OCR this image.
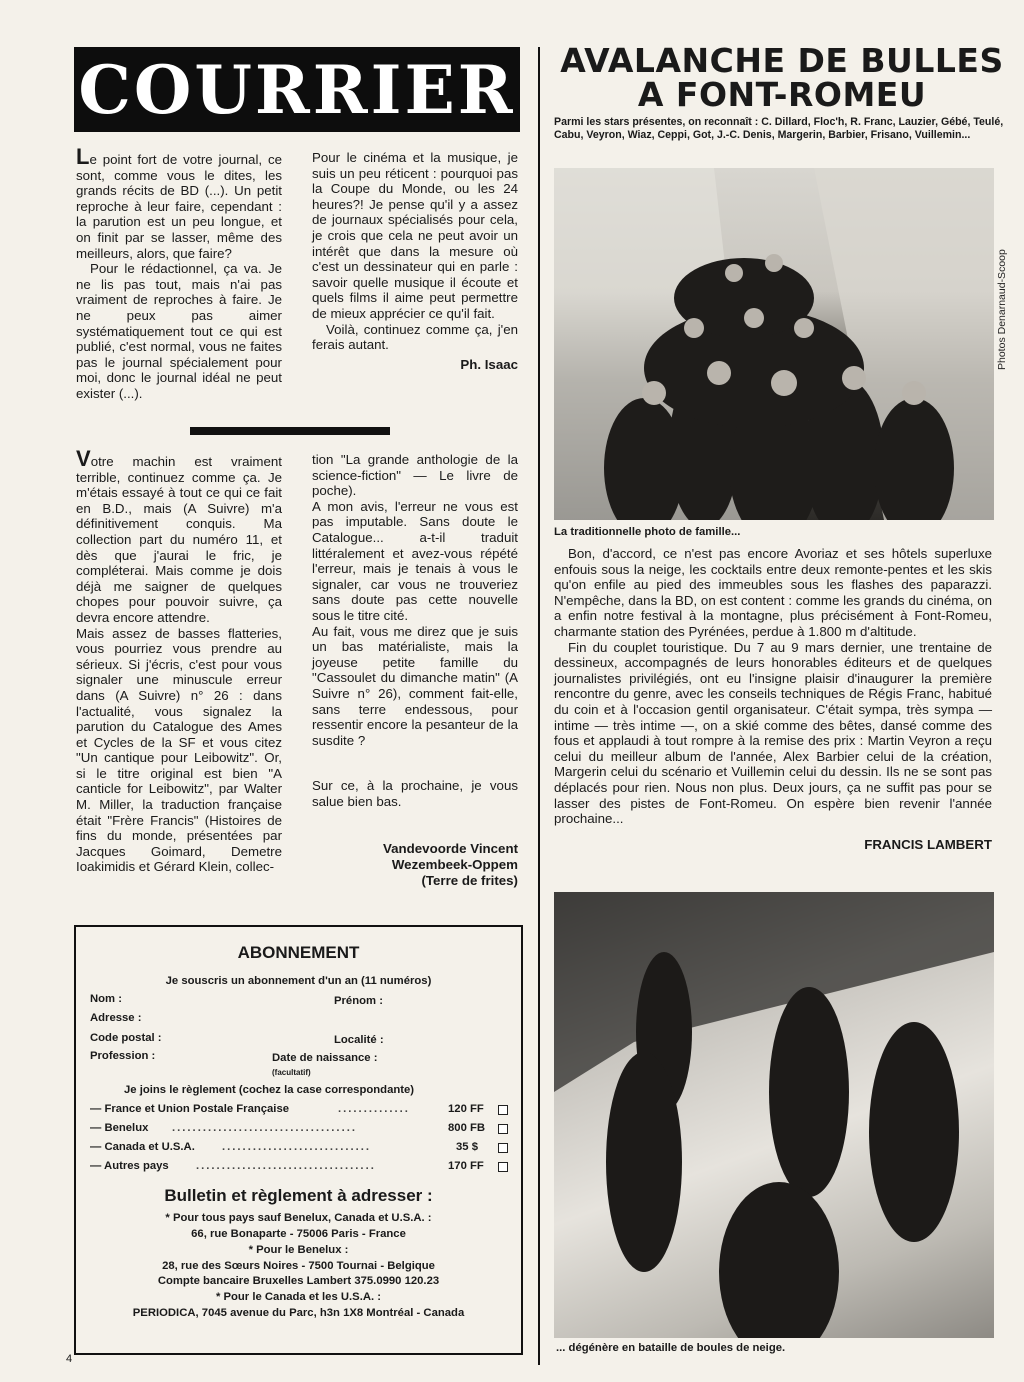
COURRIER

Le point fort de votre journal, ce sont, comme vous le dites, les grands récits de BD (...). Un petit reproche à leur faire, cependant : la parution est un peu longue, et on finit par se lasser, même des meilleurs, alors, que faire?

Pour le rédactionnel, ça va. Je ne lis pas tout, mais n'ai pas vraiment de reproches à faire. Je ne peux pas aimer systématiquement tout ce qui est publié, c'est normal, vous ne faites pas le journal spécialement pour moi, donc le journal idéal ne peut exister (...).

Pour le cinéma et la musique, je suis un peu réticent : pourquoi pas la Coupe du Monde, ou les 24 heures?! Je pense qu'il y a assez de journaux spécialisés pour cela, je crois que cela ne peut avoir un intérêt que dans la mesure où c'est un dessinateur qui en parle : savoir quelle musique il écoute et quels films il aime peut permettre de mieux apprécier ce qu'il fait.

Voilà, continuez comme ça, j'en ferais autant.

Ph. Isaac

Votre machin est vraiment terrible, continuez comme ça. Je m'étais essayé à tout ce qui ce fait en B.D., mais (A Suivre) m'a définitivement conquis. Ma collection part du numéro 11, et dès que j'aurai le fric, je compléterai. Mais comme je dois déjà me saigner de quelques chopes pour pouvoir suivre, ça devra encore attendre.

Mais assez de basses flatteries, vous pourriez vous prendre au sérieux. Si j'écris, c'est pour vous signaler une minuscule erreur dans (A Suivre) n° 26 : dans l'actualité, vous signalez la parution du Catalogue des Ames et Cycles de la SF et vous citez "Un cantique pour Leibowitz". Or, si le titre original est bien "A canticle for Leibowitz", par Walter M. Miller, la traduction française était "Frère Francis" (Histoires de fins du monde, présentées par Jacques Goimard, Demetre Ioakimidis et Gérard Klein, collec-

tion "La grande anthologie de la science-fiction" — Le livre de poche).

A mon avis, l'erreur ne vous est pas imputable. Sans doute le Catalogue... a-t-il traduit littéralement et avez-vous répété l'erreur, mais je tenais à vous le signaler, car vous ne trouveriez sans doute pas cette nouvelle sous le titre cité.

Au fait, vous me direz que je suis un bas matérialiste, mais la joyeuse petite famille du "Cassoulet du dimanche matin" (A Suivre n° 26), comment fait-elle, sans terre endessous, pour ressentir encore la pesanteur de la susdite ?

Sur ce, à la prochaine, je vous salue bien bas.

Vandevoorde Vincent
Wezembeek-Oppem
(Terre de frites)
ABONNEMENT
Je souscris un abonnement d'un an (11 numéros)
Nom :	Prénom :
Adresse :
Code postal :	Localité :
Profession :	Date de naissance :
(facultatif)
Je joins le règlement (cochez la case correspondante)
— France et Union Postale Française	..............	120 FF
— Benelux ....................................	800 FB
— Canada et U.S.A. .............................	35 $
— Autres pays ...................................	170 FF
Bulletin et règlement à adresser :
* Pour tous pays sauf Benelux, Canada et U.S.A. :
66, rue Bonaparte - 75006 Paris - France
* Pour le Benelux :
28, rue des Sœurs Noires - 7500 Tournai - Belgique
Compte bancaire Bruxelles Lambert 375.0990 120.23
* Pour le Canada et les U.S.A. :
PERIODICA, 7045 avenue du Parc, h3n 1X8 Montréal - Canada
4
AVALANCHE DE BULLES
A FONT-ROMEU
Parmi les stars présentes, on reconnaît : C. Dillard, Floc'h, R. Franc, Lauzier, Gébé, Teulé, Cabu, Veyron, Wiaz, Ceppi, Got, J.-C. Denis, Margerin, Barbier, Frisano, Vuillemin...
Photos Denarnaud-Scoop
La traditionnelle photo de famille...

Bon, d'accord, ce n'est pas encore Avoriaz et ses hôtels superluxe enfouis sous la neige, les cocktails entre deux remonte-pentes et les skis qu'on enfile au pied des immeubles sous les flashes des paparazzi. N'empêche, dans la BD, on est content : comme les grands du cinéma, on a enfin notre festival à la montagne, plus précisément à Font-Romeu, charmante station des Pyrénées, perdue à 1.800 m d'altitude.

Fin du couplet touristique. Du 7 au 9 mars dernier, une trentaine de dessineux, accompagnés de leurs honorables éditeurs et de quelques journalistes privilégiés, ont eu l'insigne plaisir d'inaugurer la première rencontre du genre, avec les conseils techniques de Régis Franc, habitué du coin et à l'occasion gentil organisateur. C'était sympa, très sympa — intime — très intime —, on a skié comme des bêtes, dansé comme des fous et applaudi à tout rompre à la remise des prix : Martin Veyron a reçu celui du meilleur album de l'année, Alex Barbier celui de la création, Margerin celui du scénario et Vuillemin celui du dessin. Ils ne se sont pas déplacés pour rien. Nous non plus. Deux jours, ça ne suffit pas pour se lasser des pistes de Font-Romeu. On espère bien revenir l'année prochaine...

FRANCIS LAMBERT

... dégénère en bataille de boules de neige.
